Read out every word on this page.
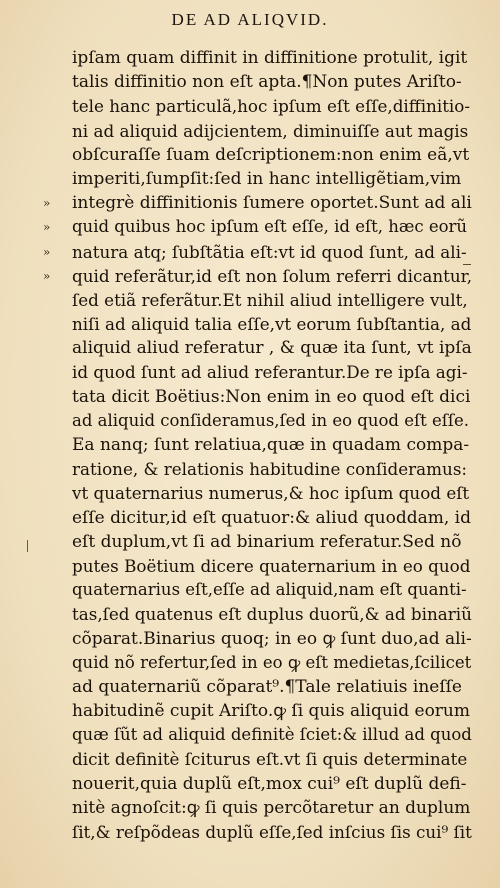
DE AD ALIQVID.
»
»
»
»
ipſam quam diffinit in diffinitione protulit, igit
talis diffinitio non eſt apta.¶Non putes Ariſto-
tele hanc particulã,hoc ipſum eſt eſſe,diffinitio-
ni ad aliquid adijcientem, diminuiſſe aut magis
obſcuraſſe ſuam deſcriptionem:non enim eã,vt
imperiti,ſumpſit:ſed in hanc intelligẽtiam,vim
integrè diffinitionis ſumere oportet.Sunt ad ali
quid quibus hoc ipſum eſt eſſe, id eſt, hæc eorũ
natura atq; ſubſtãtia eſt:vt id quod ſunt, ad ali-
quid referãtur,id eſt non ſolum referri dicantur,
ſed etiã referãtur.Et nihil aliud intelligere vult,
niſi ad aliquid talia eſſe,vt eorum ſubſtantia, ad
aliquid aliud referatur , & quæ ita ſunt, vt ipſa
id quod ſunt ad aliud referantur.De re ipſa agi-
tata dicit Boëtius:Non enim in eo quod eſt dici
ad aliquid conſideramus,ſed in eo quod eſt eſſe.
Ea nanq; ſunt relatiua,quæ in quadam compa-
ratione, & relationis habitudine conſideramus:
vt quaternarius numerus,& hoc ipſum quod eſt
eſſe dicitur,id eſt quatuor:& aliud quoddam, id
eſt duplum,vt ſi ad binarium referatur.Sed nõ
putes Boëtium dicere quaternarium in eo quod
quaternarius eſt,eſſe ad aliquid,nam eſt quanti-
tas,ſed quatenus eſt duplus duorũ,& ad binariũ
cõparat.Binarius quoq; in eo ꝙ ſunt duo,ad ali-
quid nõ refertur,ſed in eo ꝙ eſt medietas,ſcilicet
ad quaternariũ cõparat⁹.¶Tale relatiuis ineſſe
habitudinẽ cupit Ariſto.ꝙ ſi quis aliquid eorum
quæ ſũt ad aliquid definitè ſciet:& illud ad quod
dicit definitè ſciturus eſt.vt ſi quis determinate
nouerit,quia duplũ eſt,mox cui⁹ eſt duplũ defi-
nitè agnoſcit:ꝙ ſi quis percõtaretur an duplum
ſit,& reſpõdeas duplũ eſſe,ſed inſcius ſis cui⁹ ſit
